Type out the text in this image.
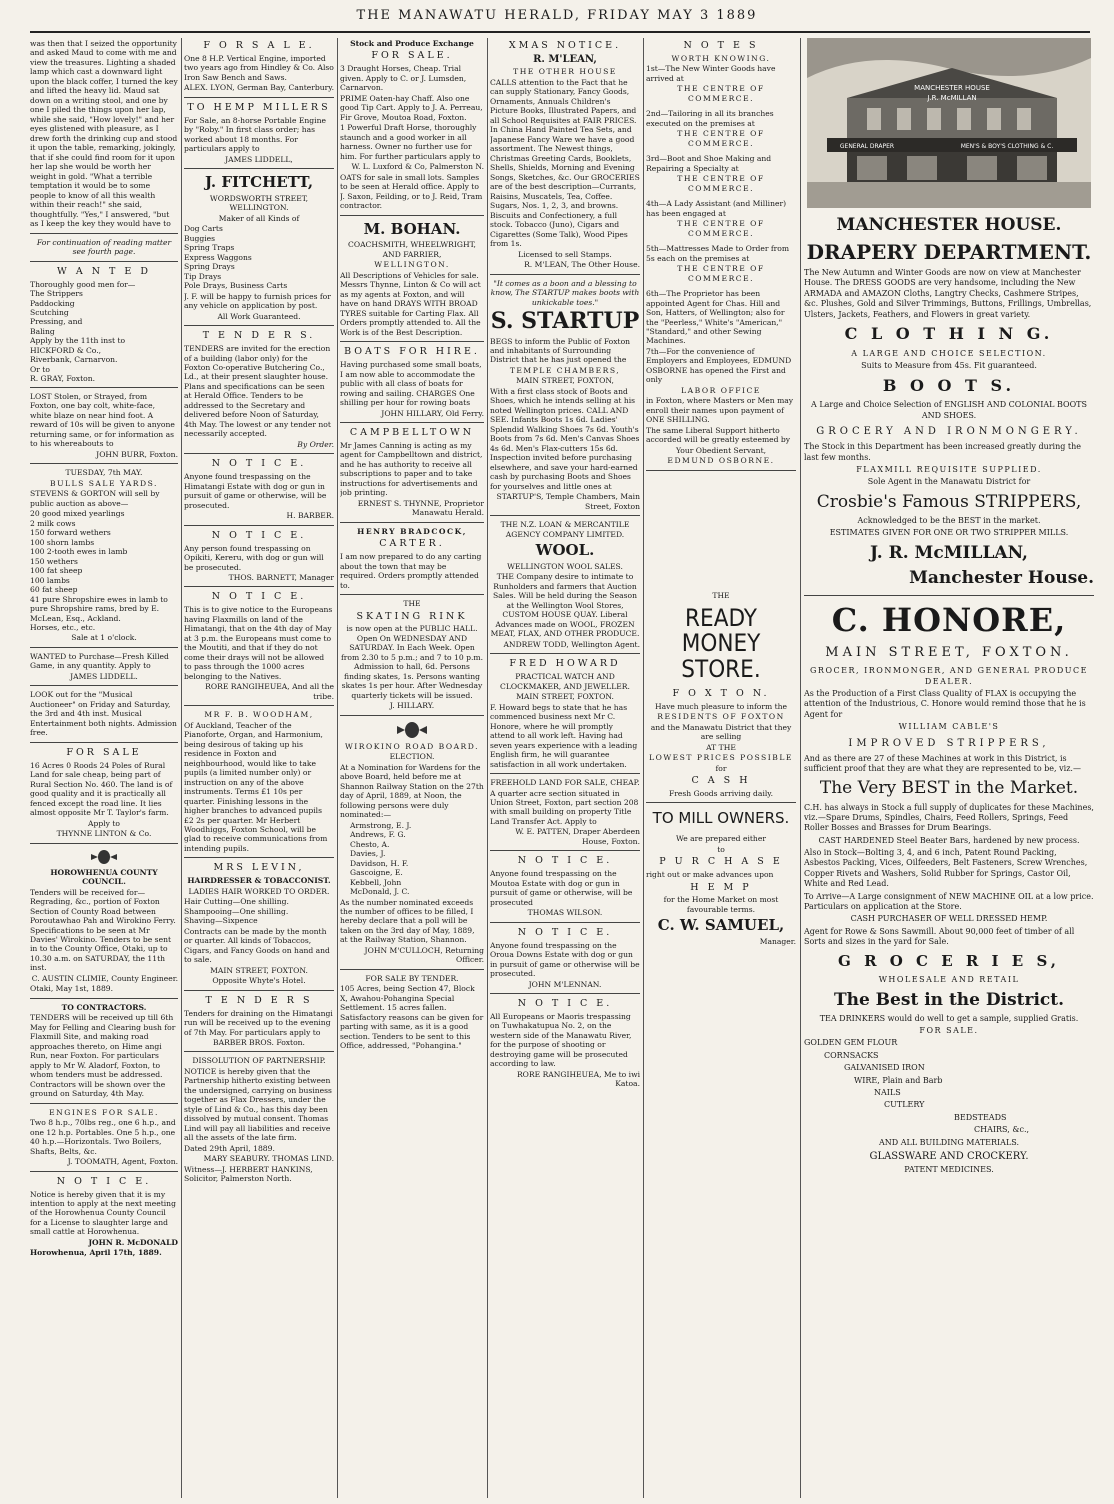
THE MANAWATU HERALD, FRIDAY MAY 3 1889

was then that I seized the opportunity and asked Maud to come with me and view the treasures. Lighting a shaded lamp which cast a downward light upon the black coffer, I turned the key and lifted the heavy lid. Maud sat down on a writing stool, and one by one I piled the things upon her lap, while she said, "How lovely!" and her eyes glistened with pleasure, as I drew forth the drinking cup and stood it upon the table, remarking, jokingly, that if she could find room for it upon her lap she would be worth her weight in gold. "What a terrible temptation it would be to some people to know of all this wealth within their reach!" she said, thoughtfully. "Yes," I answered, "but as I keep the key they would have to

For continuation of reading matter see fourth page.

W A N T E D
Thoroughly good men for—
The Strippers
Paddocking
Scutching
Pressing, and
Baling
Apply by the 11th inst to
HICKFORD & Co.,
Riverbank, Carnarvon.
Or to
R. GRAY, Foxton.

LOST Stolen, or Strayed, from Foxton, one bay colt, white-face, white blaze on near hind foot. A reward of 10s will be given to anyone returning same, or for information as to his whereabouts to

JOHN BURR, Foxton.

TUESDAY, 7th MAY.

BULLS SALE YARDS.

STEVENS & GORTON will sell by public auction as above—

20 good mixed yearlings
2 milk cows
150 forward wethers
100 shorn lambs
100 2-tooth ewes in lamb
150 wethers
100 fat sheep
100 lambs
60 fat sheep
41 pure Shropshire ewes in lamb to pure Shropshire rams, bred by E. McLean, Esq., Ackland.
Horses, etc., etc.

Sale at 1 o'clock.

WANTED to Purchase—Fresh Killed Game, in any quantity. Apply to

JAMES LIDDELL.

LOOK out for the "Musical Auctioneer" on Friday and Saturday, the 3rd and 4th inst. Musical Entertainment both nights. Admission free.

FOR SALE

16 Acres 0 Roods 24 Poles of Rural Land for sale cheap, being part of Rural Section No. 460. The land is of good quality and it is practically all fenced except the road line. It lies almost opposite Mr T. Taylor's farm.

Apply to

THYNNE LINTON & Co.

HOROWHENUA COUNTY COUNCIL.

Tenders will be received for—Regrading, &c., portion of Foxton Section of County Road between Poroutawhao Pah and Wirokino Ferry. Specifications to be seen at Mr Davies' Wirokino. Tenders to be sent in to the County Office, Otaki, up to 10.30 a.m. on SATURDAY, the 11th inst.

C. AUSTIN CLIMIE, County Engineer.

Otaki, May 1st, 1889.

TO CONTRACTORS.

TENDERS will be received up till 6th May for Felling and Clearing bush for Flaxmill Site, and making road approaches thereto, on Hime angi Run, near Foxton. For particulars apply to Mr W. Aladorf, Foxton, to whom tenders must be addressed. Contractors will be shown over the ground on Saturday, 4th May.

ENGINES FOR SALE.

Two 8 h.p., 70lbs reg., one 6 h.p., and one 12 h.p. Portables. One 5 h.p., one 40 h.p.—Horizontals. Two Boilers, Shafts, Belts, &c.

J. TOOMATH, Agent, Foxton.

N O T I C E.

Notice is hereby given that it is my intention to apply at the next meeting of the Horowhenua County Council for a License to slaughter large and small cattle at Horowhenua.

JOHN R. McDONALD

Horowhenua, April 17th, 1889.

F O R S A L E.

One 8 H.P. Vertical Engine, imported two years ago from Hindley & Co. Also Iron Saw Bench and Saws.

ALEX. LYON, German Bay, Canterbury.

TO HEMP MILLERS

For Sale, an 8-horse Portable Engine by "Roby." In first class order; has worked about 18 months. For particulars apply to

JAMES LIDDELL,

J. FITCHETT,

WORDSWORTH STREET, WELLINGTON.

Maker of all Kinds of

Dog Carts
Buggies
Spring Traps
Express Waggons
Spring Drays
Tip Drays
Pole Drays, Business Carts

J. F. will be happy to furnish prices for any vehicle on application by post.

All Work Guaranteed.

T E N D E R S.

TENDERS are invited for the erection of a building (labor only) for the Foxton Co-operative Butchering Co., Ld., at their present slaughter house. Plans and specifications can be seen at Herald Office. Tenders to be addressed to the Secretary and delivered before Noon of Saturday, 4th May. The lowest or any tender not necessarily accepted.

By Order.

N O T I C E.

Anyone found trespassing on the Himatangi Estate with dog or gun in pursuit of game or otherwise, will be prosecuted.

H. BARBER.

N O T I C E.

Any person found trespassing on Opikiti, Kereru, with dog or gun will be prosecuted.

THOS. BARNETT, Manager

N O T I C E.

This is to give notice to the Europeans having Flaxmills on land of the Himatangi, that on the 4th day of May at 3 p.m. the Europeans must come to the Moutiti, and that if they do not come their drays will not be allowed to pass through the 1000 acres belonging to the Natives.

RORE RANGIHEUEA, And all the tribe.

MR F. B. WOODHAM,

Of Auckland, Teacher of the Pianoforte, Organ, and Harmonium, being desirous of taking up his residence in Foxton and neighbourhood, would like to take pupils (a limited number only) or instruction on any of the above instruments. Terms £1 10s per quarter. Finishing lessons in the higher branches to advanced pupils £2 2s per quarter. Mr Herbert Woodhiggs, Foxton School, will be glad to receive communications from intending pupils.

MRS LEVIN,

HAIRDRESSER & TOBACCONIST.

LADIES HAIR WORKED TO ORDER.

Hair Cutting—One shilling.
Shampooing—One shilling.
Shaving—Sixpence

Contracts can be made by the month or quarter. All kinds of Tobaccos, Cigars, and Fancy Goods on hand and to sale.

MAIN STREET, FOXTON.

Opposite Whyte's Hotel.

T E N D E R S

Tenders for draining on the Himatangi run will be received up to the evening of 7th May. For particulars apply to

BARBER BROS. Foxton.

DISSOLUTION OF PARTNERSHIP.

NOTICE is hereby given that the Partnership hitherto existing between the undersigned, carrying on business together as Flax Dressers, under the style of Lind & Co., has this day been dissolved by mutual consent. Thomas Lind will pay all liabilities and receive all the assets of the late firm.

Dated 29th April, 1889.

MARY SEABURY. THOMAS LIND.

Witness—J. HERBERT HANKINS, Solicitor, Palmerston North.

Stock and Produce Exchange

FOR SALE.

3 Draught Horses, Cheap. Trial given. Apply to C. or J. Lumsden, Carnarvon.

PRIME Oaten-hay Chaff. Also one good Tip Cart. Apply to J. A. Perreau, Fir Grove, Moutoa Road, Foxton.

1 Powerful Draft Horse, thoroughly staunch and a good worker in all harness. Owner no further use for him. For further particulars apply to

W. L. Luxford & Co, Palmerston N.

OATS for sale in small lots. Samples to be seen at Herald office. Apply to J. Saxon, Feilding, or to J. Reid, Tram contractor.

M. BOHAN.

COACHSMITH, WHEELWRIGHT, AND FARRIER,

WELLINGTON.

All Descriptions of Vehicles for sale. Messrs Thynne, Linton & Co will act as my agents at Foxton, and will have on hand DRAYS WITH BROAD TYRES suitable for Carting Flax. All Orders promptly attended to. All the Work is of the Best Description.

BOATS FOR HIRE.

Having purchased some small boats, I am now able to accommodate the public with all class of boats for rowing and sailing. CHARGES One shilling per hour for rowing boats

JOHN HILLARY, Old Ferry.

CAMPBELLTOWN

Mr James Canning is acting as my agent for Campbelltown and district, and he has authority to receive all subscriptions to paper and to take instructions for advertisements and job printing.

ERNEST S. THYNNE, Proprietor Manawatu Herald.

HENRY BRADCOCK,

CARTER.

I am now prepared to do any carting about the town that may be required. Orders promptly attended to.

THE

SKATING RINK

is now open at the PUBLIC HALL. Open On WEDNESDAY AND SATURDAY. In Each Week. Open from 2.30 to 5 p.m.; and 7 to 10 p.m. Admission to hall, 6d. Persons finding skates, 1s. Persons wanting skates 1s per hour. After Wednesday quarterly tickets will be issued.

J. HILLARY.

WIROKINO ROAD BOARD.

ELECTION.

At a Nomination for Wardens for the above Board, held before me at Shannon Railway Station on the 27th day of April, 1889, at Noon, the following persons were duly nominated:—

Armstrong, E. J.
Andrews, F. G.
Chesto, A.
Davies, J.
Davidson, H. F.
Gascoigne, E.
Kebbell, John
McDonald, J. C.

As the number nominated exceeds the number of offices to be filled, I hereby declare that a poll will be taken on the 3rd day of May, 1889, at the Railway Station, Shannon.

JOHN M'CULLOCH, Returning Officer.

FOR SALE BY TENDER.

105 Acres, being Section 47, Block X, Awahou-Pohangina Special Settlement. 15 acres fallen. Satisfactory reasons can be given for parting with same, as it is a good section. Tenders to be sent to this Office, addressed, "Pohangina."

XMAS NOTICE.

R. M'LEAN,

THE OTHER HOUSE

CALLS attention to the Fact that he can supply Stationary, Fancy Goods, Ornaments, Annuals Children's Picture Books, Illustrated Papers, and all School Requisites at FAIR PRICES. In China Hand Painted Tea Sets, and Japanese Fancy Ware we have a good assortment. The Newest things, Christmas Greeting Cards, Booklets, Shells, Shields, Morning and Evening Songs, Sketches, &c. Our GROCERIES are of the best description—Currants, Raisins, Muscatels, Tea, Coffee. Sugars, Nos. 1, 2, 3, and browns. Biscuits and Confectionery, a full stock. Tobacco (Juno), Cigars and Cigarettes (Some Talk), Wood Pipes from 1s.

Licensed to sell Stamps.

R. M'LEAN, The Other House.

"It comes as a boon and a blessing to know, The STARTUP makes boots with unkickable toes."

S. STARTUP

BEGS to inform the Public of Foxton and inhabitants of Surrounding District that he has just opened the

TEMPLE CHAMBERS,

MAIN STREET, FOXTON,

With a first class stock of Boots and Shoes, which he intends selling at his noted Wellington prices. CALL AND SEE. Infants Boots 1s 6d. Ladies' Splendid Walking Shoes 7s 6d. Youth's Boots from 7s 6d. Men's Canvas Shoes 4s 6d. Men's Flax-cutters 15s 6d. Inspection invited before purchasing elsewhere, and save your hard-earned cash by purchasing Boots and Shoes for yourselves and little ones at

STARTUP'S, Temple Chambers, Main Street, Foxton

THE N.Z. LOAN & MERCANTILE AGENCY COMPANY LIMITED.

WOOL.

WELLINGTON WOOL SALES.

THE Company desire to intimate to Runholders and farmers that Auction Sales. Will be held during the Season at the Wellington Wool Stores, CUSTOM HOUSE QUAY. Liberal Advances made on WOOL, FROZEN MEAT, FLAX, AND OTHER PRODUCE.

ANDREW TODD, Wellington Agent.

FRED HOWARD

PRACTICAL WATCH AND CLOCKMAKER, AND JEWELLER.

MAIN STREET, FOXTON.

F. Howard begs to state that he has commenced business next Mr C. Honore, where he will promptly attend to all work left. Having had seven years experience with a leading English firm, he will guarantee satisfaction in all work undertaken.

FREEHOLD LAND FOR SALE, CHEAP.

A quarter acre section situated in Union Street, Foxton, part section 208 with small building on property Title Land Transfer Act. Apply to

W. E. PATTEN, Draper Aberdeen House, Foxton.

N O T I C E.

Anyone found trespassing on the Moutoa Estate with dog or gun in pursuit of game or otherwise, will be prosecuted

THOMAS WILSON.

N O T I C E.

Anyone found trespassing on the Oroua Downs Estate with dog or gun in pursuit of game or otherwise will be prosecuted.

JOHN M'LENNAN.

N O T I C E.

All Europeans or Maoris trespassing on Tuwhakatupua No. 2, on the western side of the Manawatu River, for the purpose of shooting or destroying game will be prosecuted according to law.

RORE RANGIHEUEA, Me to iwi Katoa.

N O T E S

WORTH KNOWING.

1st—The New Winter Goods have arrived at

THE CENTRE OF COMMERCE.

2nd—Tailoring in all its branches executed on the premises at

THE CENTRE OF COMMERCE.

3rd—Boot and Shoe Making and Repairing a Specialty at

THE CENTRE OF COMMERCE.

4th—A Lady Assistant (and Milliner) has been engaged at

THE CENTRE OF COMMERCE.

5th—Mattresses Made to Order from 5s each on the premises at

THE CENTRE OF COMMERCE.

6th—The Proprietor has been appointed Agent for Chas. Hill and Son, Hatters, of Wellington; also for the "Peerless," White's "American," "Standard," and other Sewing Machines.

7th—For the convenience of Employers and Employees, EDMUND OSBORNE has opened the First and only

LABOR OFFICE

in Foxton, where Masters or Men may enroll their names upon payment of ONE SHILLING.

The same Liberal Support hitherto accorded will be greatly esteemed by

Your Obedient Servant,

EDMUND OSBORNE.

THE

READY MONEY STORE.
F O X T O N.

Have much pleasure to inform the

RESIDENTS OF FOXTON

and the Manawatu District that they are selling

AT THE

LOWEST PRICES POSSIBLE

for

C A S H

Fresh Goods arriving daily.

TO MILL OWNERS.

We are prepared either

to

P U R C H A S E

right out or make advances upon

H E M P

for the Home Market on most favourable terms.

C. W. SAMUEL,

Manager.

MANCHESTER HOUSE
J.R. McMILLAN
GENERAL DRAPER	MEN'S & BOY'S CLOTHING & C.
MANCHESTER HOUSE.
DRAPERY DEPARTMENT.

The New Autumn and Winter Goods are now on view at Manchester House. The DRESS GOODS are very handsome, including the New ARMADA and AMAZON Cloths, Langtry Checks, Cashmere Stripes, &c. Plushes, Gold and Silver Trimmings, Buttons, Frillings, Umbrellas, Ulsters, Jackets, Feathers, and Flowers in great variety.

C L O T H I N G.

A LARGE AND CHOICE SELECTION.

Suits to Measure from 45s. Fit guaranteed.

B O O T S.

A Large and Choice Selection of ENGLISH AND COLONIAL BOOTS AND SHOES.

GROCERY AND IRONMONGERY.

The Stock in this Department has been increased greatly during the last few months.

FLAXMILL REQUISITE SUPPLIED.

Sole Agent in the Manawatu District for

Crosbie's Famous STRIPPERS,

Acknowledged to be the BEST in the market.

ESTIMATES GIVEN FOR ONE OR TWO STRIPPER MILLS.

J. R. McMILLAN,
Manchester House.
C. HONORE,
MAIN STREET, FOXTON.

GROCER, IRONMONGER, AND GENERAL PRODUCE DEALER.

As the Production of a First Class Quality of FLAX is occupying the attention of the Industrious, C. Honore would remind those that he is Agent for

WILLIAM CABLE'S

IMPROVED STRIPPERS,

And as there are 27 of these Machines at work in this District, is sufficient proof that they are what they are represented to be, viz.—

The Very BEST in the Market.

C.H. has always in Stock a full supply of duplicates for these Machines, viz.—Spare Drums, Spindles, Chairs, Feed Rollers, Springs, Feed Roller Bosses and Brasses for Drum Bearings.

CAST HARDENED Steel Beater Bars, hardened by new process.

Also in Stock—Bolting 3, 4, and 6 inch, Patent Round Packing, Asbestos Packing, Vices, Oilfeeders, Belt Fasteners, Screw Wrenches, Copper Rivets and Washers, Solid Rubber for Springs, Castor Oil, White and Red Lead.

To Arrive—A Large consignment of NEW MACHINE OIL at a low price. Particulars on application at the Store.

CASH PURCHASER OF WELL DRESSED HEMP.

Agent for Rowe & Sons Sawmill. About 90,000 feet of timber of all Sorts and sizes in the yard for Sale.

G R O C E R I E S,

WHOLESALE AND RETAIL

The Best in the District.

TEA DRINKERS would do well to get a sample, supplied Gratis.

FOR SALE.

GOLDEN GEM FLOUR

CORNSACKS

GALVANISED IRON

WIRE, Plain and Barb

NAILS

CUTLERY

BEDSTEADS

CHAIRS, &c.,

AND ALL BUILDING MATERIALS.

GLASSWARE AND CROCKERY.

PATENT MEDICINES.
